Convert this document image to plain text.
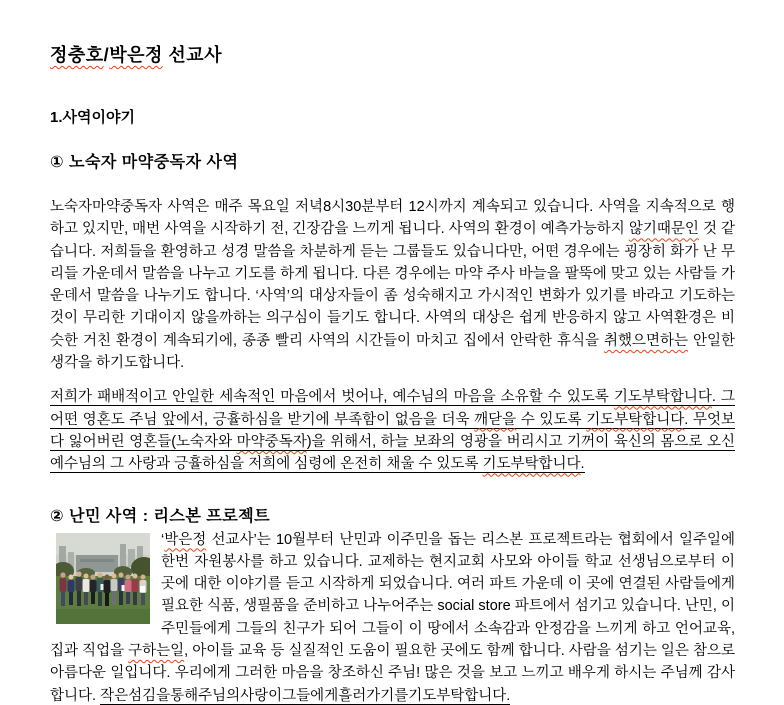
정충호/박은정 선교사
1.사역이야기
① 노숙자 마약중독자 사역

노숙자마약중독자 사역은 매주 목요일 저녁8시30분부터 12시까지 계속되고 있습니다. 사역을 지속적으로 행하고 있지만, 매번 사역을 시작하기 전, 긴장감을 느끼게 됩니다. 사역의 환경이 예측가능하지 않기때문인 것 같습니다. 저희들을 환영하고 성경 말씀을 차분하게 듣는 그룹들도 있습니다만, 어떤 경우에는 굉장히 화가 난 무리들 가운데서 말씀을 나누고 기도를 하게 됩니다. 다른 경우에는 마약 주사 바늘을 팔뚝에 맞고 있는 사람들 가운데서 말씀을 나누기도 합니다. ‘사역’의 대상자들이 좀 성숙해지고 가시적인 변화가 있기를 바라고 기도하는 것이 무리한 기대이지 않을까하는 의구심이 들기도 합니다. 사역의 대상은 쉽게 반응하지 않고 사역환경은 비슷한 거친 환경이 계속되기에, 종종 빨리 사역의 시간들이 마치고 집에서 안락한 휴식을 취했으면하는 안일한 생각을 하기도합니다.

저희가 패배적이고 안일한 세속적인 마음에서 벗어나, 예수님의 마음을 소유할 수 있도록 기도부탁합니다. 그 어떤 영혼도 주님 앞에서, 긍휼하심을 받기에 부족함이 없음을 더욱 깨닫을 수 있도록 기도부탁합니다. 무엇보다 잃어버린 영혼들(노숙자와 마약중독자)을 위해서, 하늘 보좌의 영광을 버리시고 기꺼이 육신의 몸으로 오신 예수님의 그 사랑과 긍휼하심을 저희에 심령에 온전히 채울 수 있도록 기도부탁합니다.

② 난민 사역 : 리스본 프로젝트
‘박은정 선교사’는 10월부터 난민과 이주민을 돕는 리스본 프로젝트라는 협회에서 일주일에 한번 자원봉사를 하고 있습니다. 교제하는 현지교회 사모와 아이들 학교 선생님으로부터 이 곳에 대한 이야기를 듣고 시작하게 되었습니다. 여러 파트 가운데 이 곳에 연결된 사람들에게 필요한 식품, 생필품을 준비하고 나누어주는 social store 파트에서 섬기고 있습니다. 난민, 이주민들에게 그들의 친구가 되어 그들이 이 땅에서 소속감과 안정감을 느끼게 하고 언어교육, 집과 직업을 구하는일, 아이들 교육 등 실질적인 도움이 필요한 곳에도 함께 합니다. 사람을 섬기는 일은 참으로 아름다운 일입니다. 우리에게 그러한 마음을 창조하신 주님! 많은 것을 보고 느끼고 배우게 하시는 주님께 감사합니다. 작은섬김을통해주님의사랑이그들에게흘러가기를기도부탁합니다.
